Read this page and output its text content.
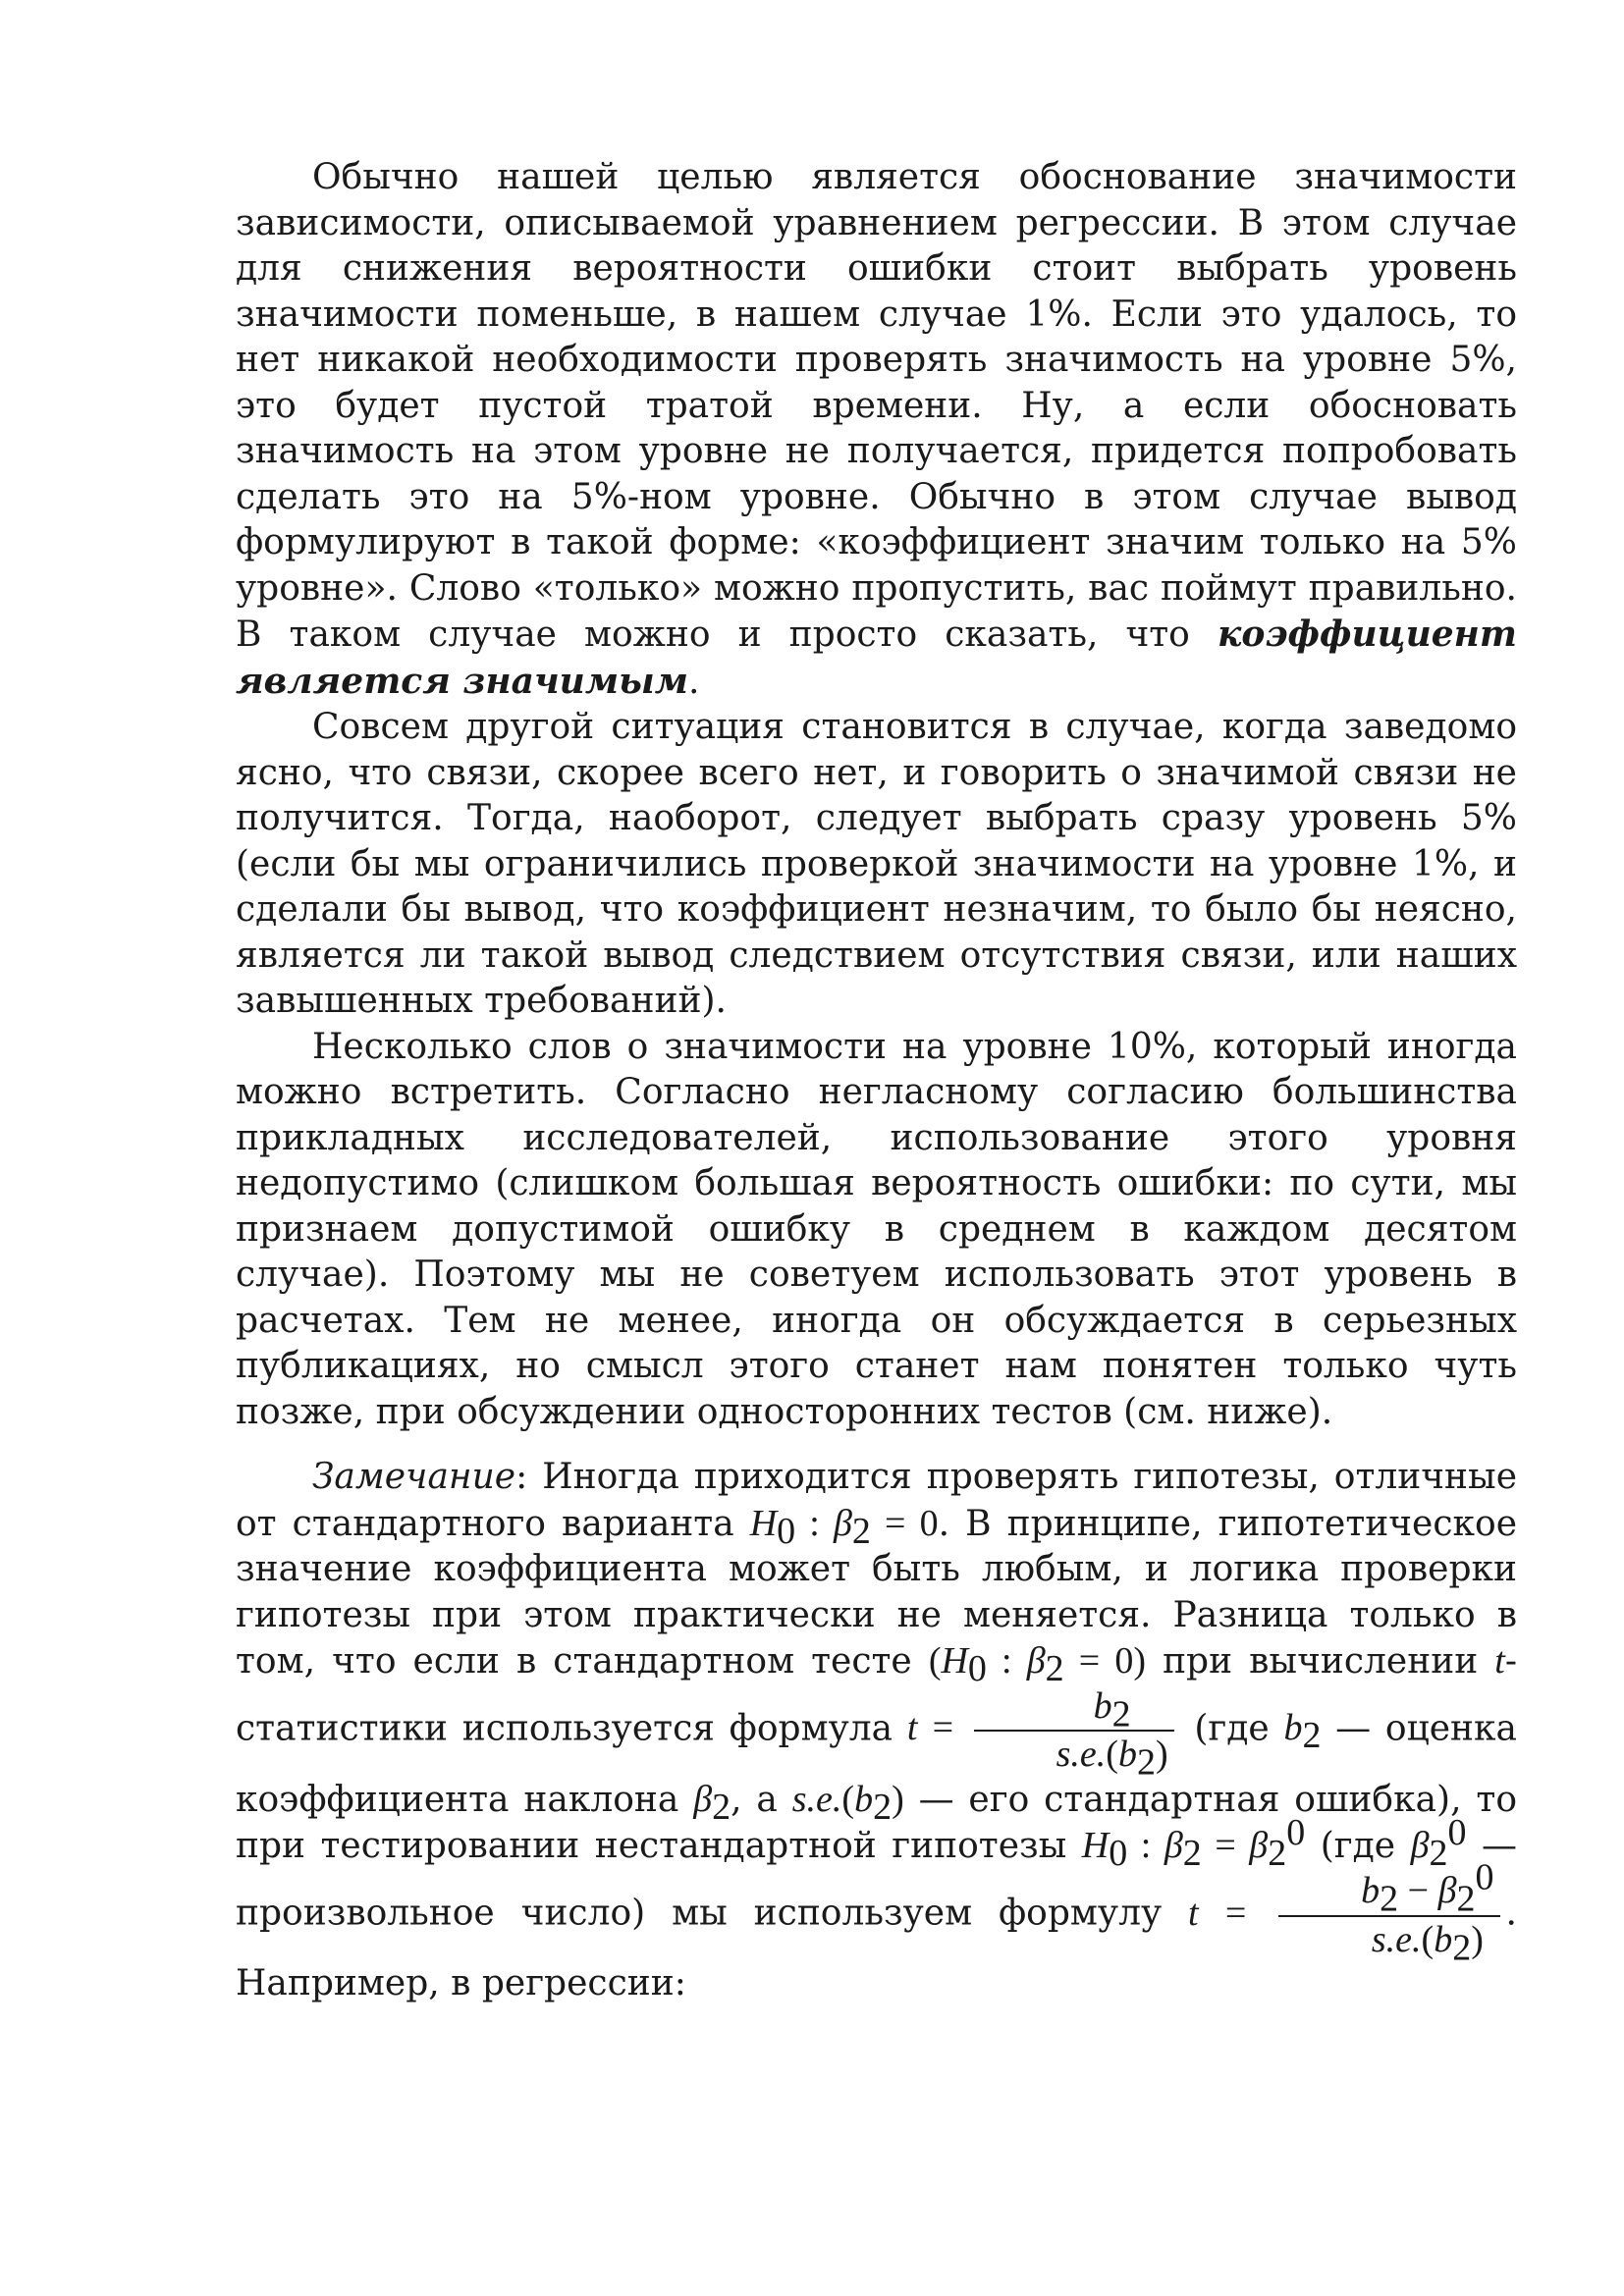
Обычно нашей целью является обоснование значимости зависимости, описываемой уравнением регрессии. В этом случае для снижения вероятности ошибки стоит выбрать уровень значимости поменьше, в нашем случае 1%. Если это удалось, то нет никакой необходимости проверять значимость на уровне 5%, это будет пустой тратой времени. Ну, а если обосновать значимость на этом уровне не получается, придется попробовать сделать это на 5%-ном уровне. Обычно в этом случае вывод формулируют в такой форме: «коэффициент значим только на 5% уровне». Слово «только» можно пропустить, вас поймут правильно. В таком случае можно и просто сказать, что коэффициент является значимым.

Совсем другой ситуация становится в случае, когда заведомо ясно, что связи, скорее всего нет, и говорить о значимой связи не получится. Тогда, наоборот, следует выбрать сразу уровень 5% (если бы мы ограничились проверкой значимости на уровне 1%, и сделали бы вывод, что коэффициент незначим, то было бы неясно, является ли такой вывод следствием отсутствия связи, или наших завышенных требований).

Несколько слов о значимости на уровне 10%, который иногда можно встретить. Согласно негласному согласию большинства прикладных исследователей, использование этого уровня недопустимо (слишком большая вероятность ошибки: по сути, мы признаем допустимой ошибку в среднем в каждом десятом случае). Поэтому мы не советуем использовать этот уровень в расчетах. Тем не менее, иногда он обсуждается в серьезных публикациях, но смысл этого станет нам понятен только чуть позже, при обсуждении односторонних тестов (см. ниже).

Замечание: Иногда приходится проверять гипотезы, отличные от стандартного варианта $H_0$ : $\beta_2 = 0$. В принципе, гипотетическое значение коэффициента может быть любым, и логика проверки гипотезы при этом практически не меняется. Разница только в том, что если в стандартном тесте ($H_0$ : $\beta_2 = 0$) при вычислении t-статистики используется формула $t = \frac{b_2}{s.e.(b_2)} (где$ $b_2$ — оценка коэффициента наклона $\beta_2$, а $s.e.(b_2)$ — его стандартная ошибка), то при тестировании нестандартной гипотезы $H_0$ : $\beta_2 = \beta_2^0$ (где $\beta_2^0$ — произвольное число) мы используем формулу $t = \frac{b_2 - \beta_2^0}{s.e.(b_2)}$ . Например, в регрессии:
